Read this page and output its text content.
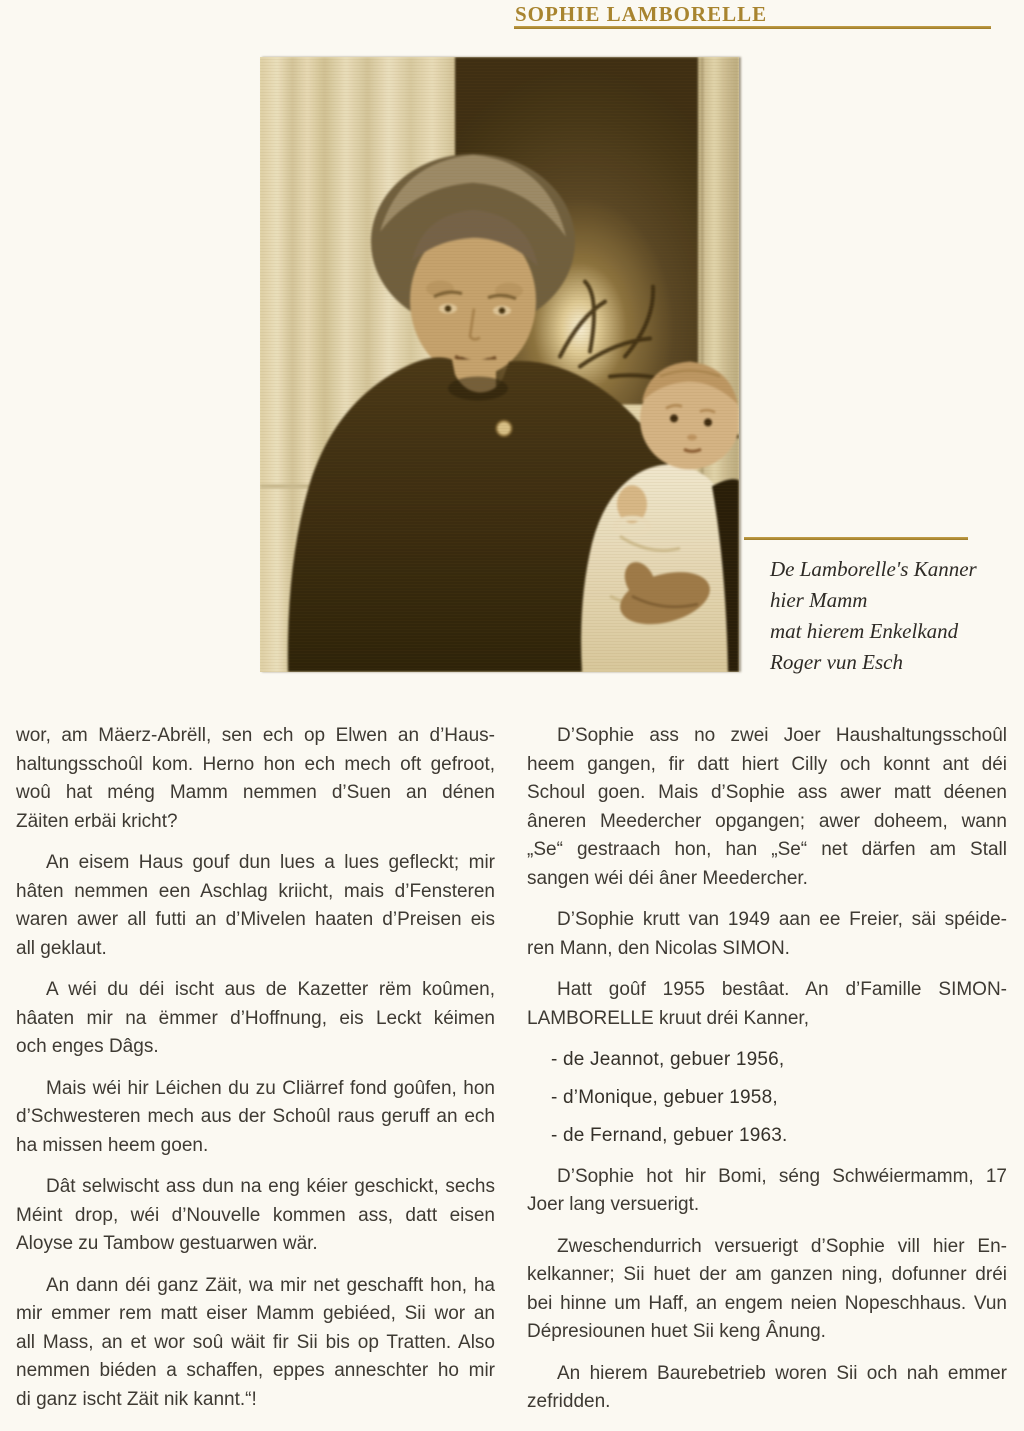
SOPHIE LAMBORELLE
De Lamborelle's Kanner
hier Mamm
mat hierem Enkelkand
Roger vun Esch
wor, am Mäerz-Abrëll, sen ech op Elwen an d’Haus-
haltungsschoûl kom. Herno hon ech mech oft gefroot,
woû hat méng Mamm nemmen d’Suen an dénen
Zäiten erbäi kricht?
An eisem Haus gouf dun lues a lues gefleckt; mir
hâten nemmen een Aschlag kriicht, mais d’Fensteren
waren awer all futti an d’Mivelen haaten d’Preisen eis
all geklaut.
A wéi du déi ischt aus de Kazetter rëm koûmen,
hâaten mir na ëmmer d’Hoffnung, eis Leckt kéimen
och enges Dâgs.
Mais wéi hir Léichen du zu Cliärref fond goûfen, hon
d’Schwesteren mech aus der Schoûl raus geruff an ech
ha missen heem goen.
Dât selwischt ass dun na eng kéier geschickt, sechs
Méint drop, wéi d’Nouvelle kommen ass, datt eisen
Aloyse zu Tambow gestuarwen wär.
An dann déi ganz Zäit, wa mir net geschafft hon, ha
mir emmer rem matt eiser Mamm gebiéed, Sii wor an
all Mass, an et wor soû wäit fir Sii bis op Tratten. Also
nemmen biéden a schaffen, eppes anneschter ho mir
di ganz ischt Zäit nik kannt.“!
D’Sophie ass no zwei Joer Haushaltungsschoûl
heem gangen, fir datt hiert Cilly och konnt ant déi
Schoul goen. Mais d’Sophie ass awer matt déenen
âneren Meedercher opgangen; awer doheem, wann
„Se“ gestraach hon, han „Se“ net därfen am Stall
sangen wéi déi âner Meedercher.
D’Sophie krutt van 1949 aan ee Freier, säi spéide-
ren Mann, den Nicolas SIMON.
Hatt goûf 1955 bestâat. An d’Famille SIMON-
LAMBORELLE kruut dréi Kanner,
- de Jeannot, gebuer 1956,
- d’Monique, gebuer 1958,
- de Fernand, gebuer 1963.
D’Sophie hot hir Bomi, séng Schwéiermamm, 17
Joer lang versuerigt.
Zweschendurrich versuerigt d’Sophie vill hier En-
kelkanner; Sii huet der am ganzen ning, dofunner dréi
bei hinne um Haff, an engem neien Nopeschhaus. Vun
Dépresiounen huet Sii keng Ânung.
An hierem Baurebetrieb woren Sii och nah emmer
zefridden.
